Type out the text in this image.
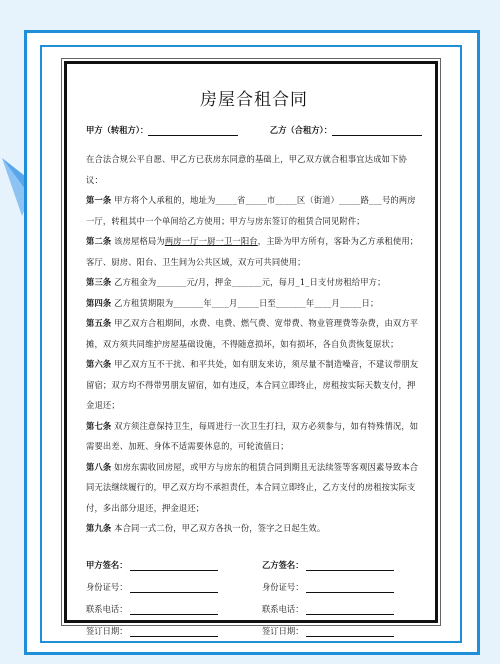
房屋合租合同
甲方（转租方）：	乙方（合租方）：

在合法合规公平自愿、甲乙方已获房东同意的基础上，甲乙双方就合租事宜达成如下协议：

第一条 甲方将个人承租的，地址为_____省_____市_____区（街道）_____路___号的两房一厅，转租其中一个单间给乙方使用；甲方与房东签订的租赁合同见附件；

第二条 该房屋格局为两房一厅一厨一卫一阳台，主卧为甲方所有，客卧为乙方承租使用；客厅、厨房、阳台、卫生间为公共区域，双方可共同使用；

第三条 乙方租金为_______元/月，押金_______元，每月_1_日支付房租给甲方；

第四条 乙方租赁期限为_______年____月_____日至_______年____月_____日；

第五条 甲乙双方合租期间，水费、电费、燃气费、宽带费、物业管理费等杂费，由双方平摊，双方须共同维护房屋基础设施，不得随意损坏，如有损坏，各自负责恢复原状；

第六条 甲乙双方互不干扰、和平共处，如有朋友来访，须尽量不制造噪音，不建议带朋友留宿；双方均不得带男朋友留宿，如有违反，本合同立即终止，房租按实际天数支付，押金退还；

第七条 双方须注意保持卫生，每周进行一次卫生打扫，双方必须参与，如有特殊情况，如需要出差、加班、身体不适需要休息的，可轮流值日；

第八条 如房东需收回房屋，或甲方与房东的租赁合同到期且无法续签等客观因素导致本合同无法继续履行的，甲乙双方均不承担责任，本合同立即终止，乙方支付的房租按实际支付，多出部分退还，押金退还；

第九条 本合同一式二份，甲乙双方各执一份，签字之日起生效。

甲方签名：	乙方签名：
身份证号：	身份证号：
联系电话：	联系电话：
签订日期：	签订日期：
